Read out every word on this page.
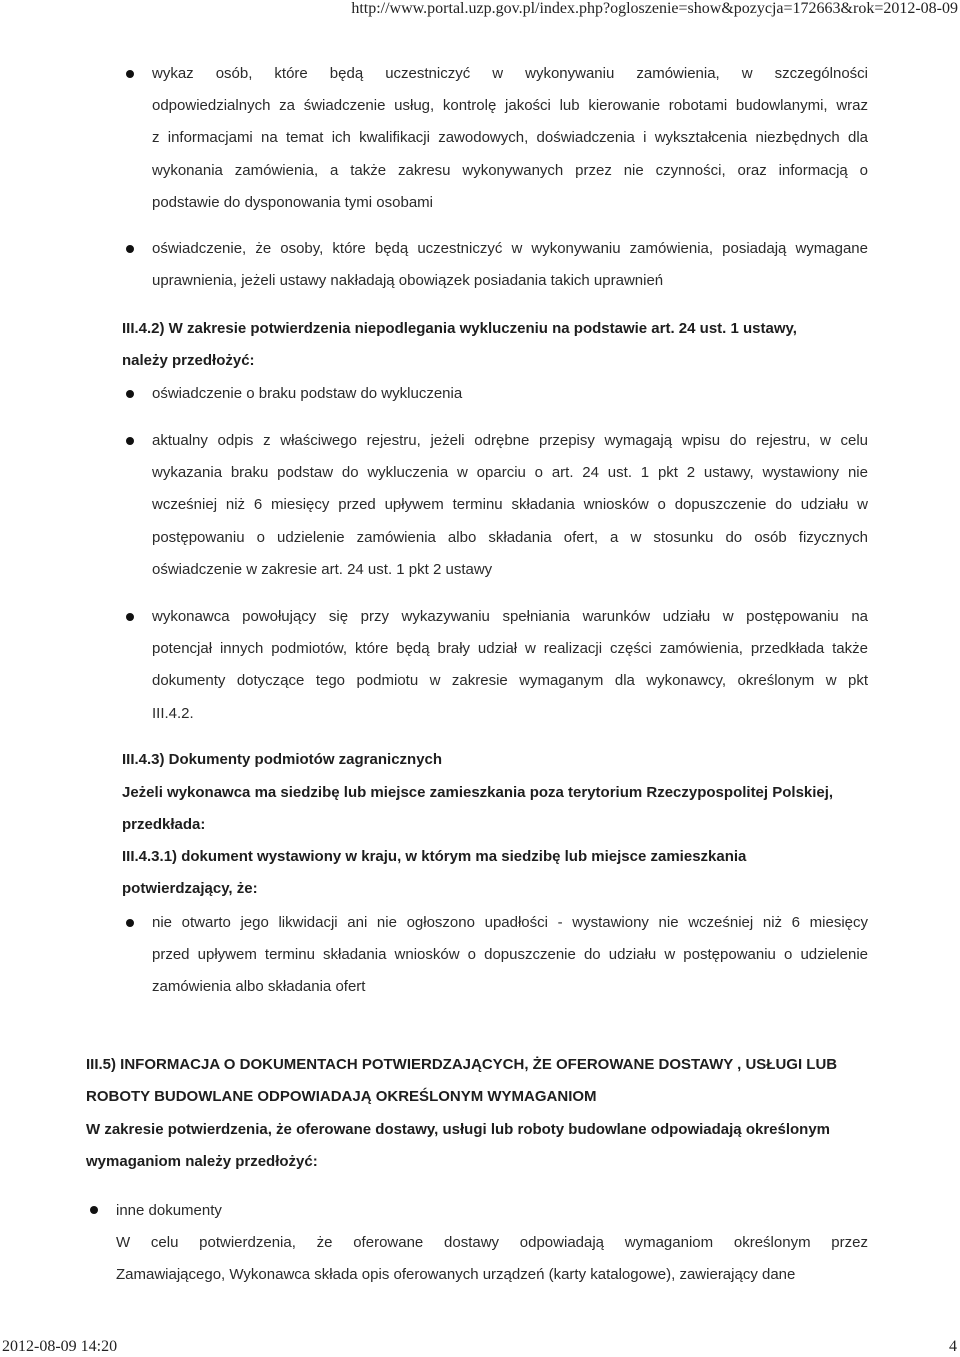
http://www.portal.uzp.gov.pl/index.php?ogloszenie=show&pozycja=172663&rok=2012-08-09
wykaz osób, które będą uczestniczyć w wykonywaniu zamówienia, w szczególności
odpowiedzialnych za świadczenie usług, kontrolę jakości lub kierowanie robotami budowlanymi, wraz
z informacjami na temat ich kwalifikacji zawodowych, doświadczenia i wykształcenia niezbędnych dla
wykonania zamówienia, a także zakresu wykonywanych przez nie czynności, oraz informacją o
podstawie do dysponowania tymi osobami
oświadczenie, że osoby, które będą uczestniczyć w wykonywaniu zamówienia, posiadają wymagane
uprawnienia, jeżeli ustawy nakładają obowiązek posiadania takich uprawnień
III.4.2) W zakresie potwierdzenia niepodlegania wykluczeniu na podstawie art. 24 ust. 1 ustawy,
należy przedłożyć:
oświadczenie o braku podstaw do wykluczenia
aktualny odpis z właściwego rejestru, jeżeli odrębne przepisy wymagają wpisu do rejestru, w celu
wykazania braku podstaw do wykluczenia w oparciu o art. 24 ust. 1 pkt 2 ustawy, wystawiony nie
wcześniej niż 6 miesięcy przed upływem terminu składania wniosków o dopuszczenie do udziału w
postępowaniu o udzielenie zamówienia albo składania ofert, a w stosunku do osób fizycznych
oświadczenie w zakresie art. 24 ust. 1 pkt 2 ustawy
wykonawca powołujący się przy wykazywaniu spełniania warunków udziału w postępowaniu na
potencjał innych podmiotów, które będą brały udział w realizacji części zamówienia, przedkłada także
dokumenty dotyczące tego podmiotu w zakresie wymaganym dla wykonawcy, określonym w pkt
III.4.2.
III.4.3) Dokumenty podmiotów zagranicznych
Jeżeli wykonawca ma siedzibę lub miejsce zamieszkania poza terytorium Rzeczypospolitej Polskiej,
przedkłada:
III.4.3.1) dokument wystawiony w kraju, w którym ma siedzibę lub miejsce zamieszkania
potwierdzający, że:
nie otwarto jego likwidacji ani nie ogłoszono upadłości - wystawiony nie wcześniej niż 6 miesięcy
przed upływem terminu składania wniosków o dopuszczenie do udziału w postępowaniu o udzielenie
zamówienia albo składania ofert
III.5) INFORMACJA O DOKUMENTACH POTWIERDZAJĄCYCH, ŻE OFEROWANE DOSTAWY , USŁUGI LUB
ROBOTY BUDOWLANE ODPOWIADAJĄ OKREŚLONYM WYMAGANIOM
W zakresie potwierdzenia, że oferowane dostawy, usługi lub roboty budowlane odpowiadają określonym
wymaganiom należy przedłożyć:
inne dokumenty
W celu potwierdzenia, że oferowane dostawy odpowiadają wymaganiom określonym przez
Zamawiającego, Wykonawca składa opis oferowanych urządzeń (karty katalogowe), zawierający dane
2012-08-09 14:20	4
